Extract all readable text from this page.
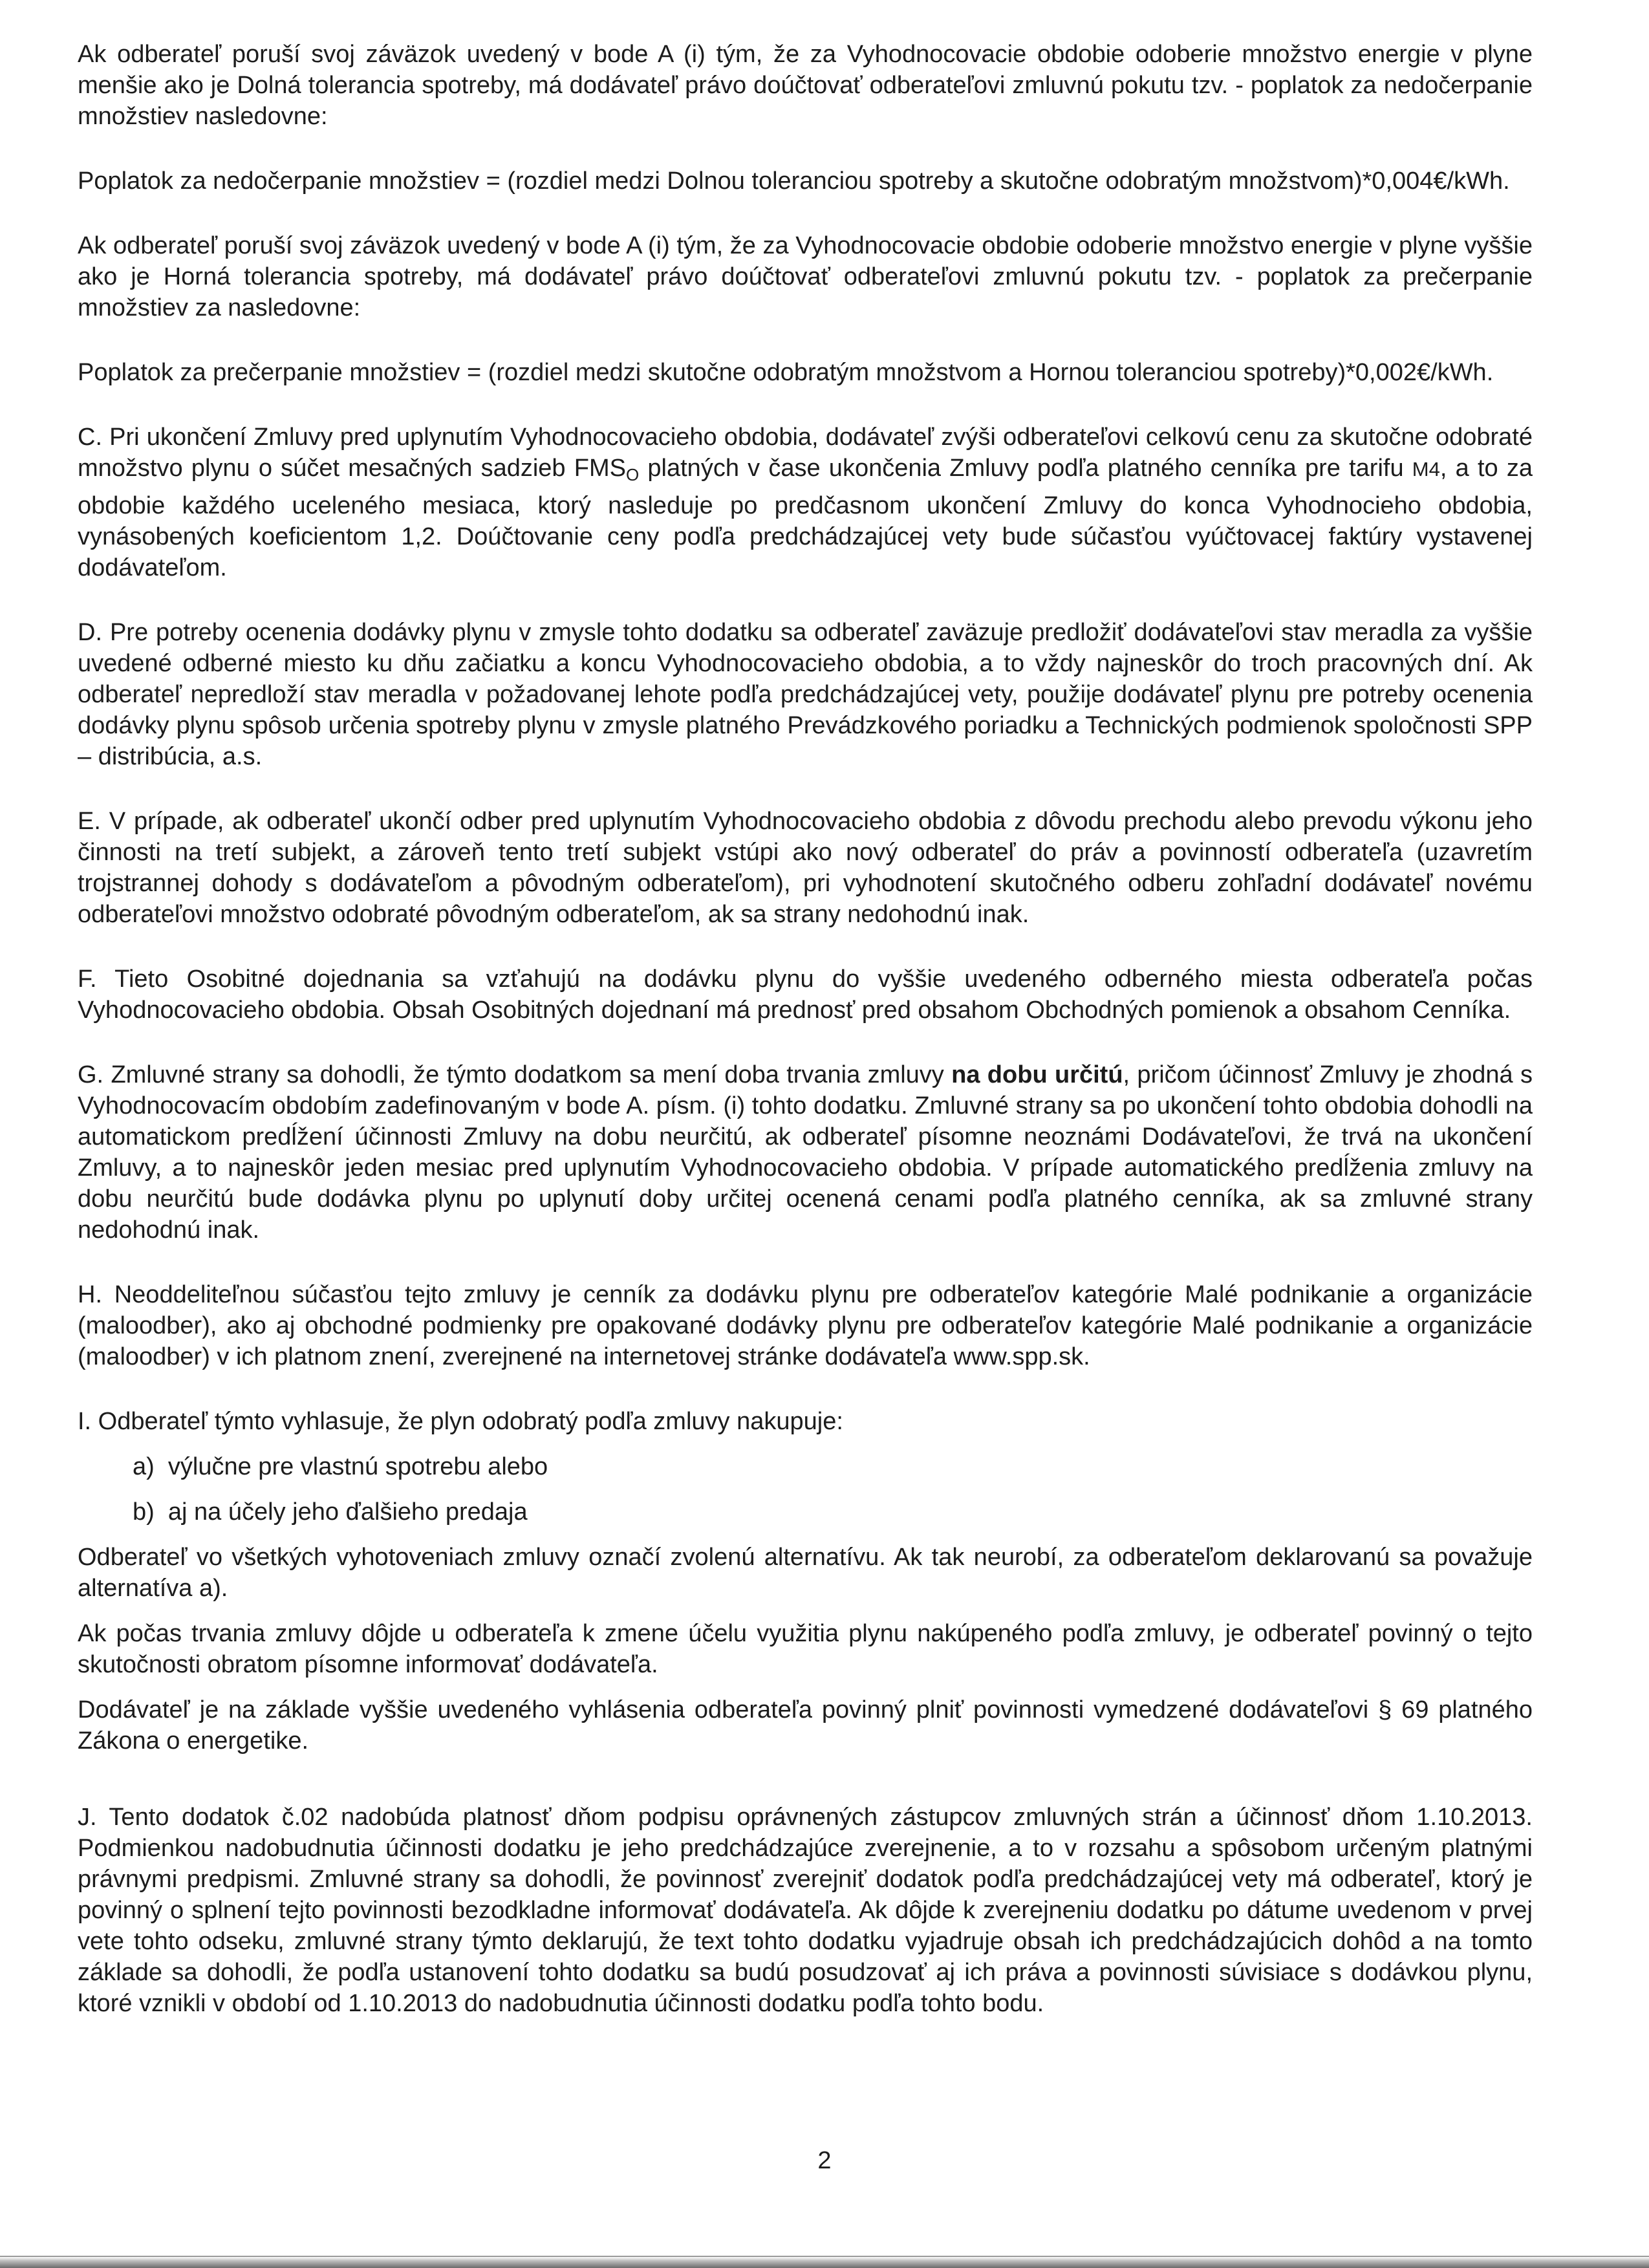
Ak odberateľ poruší svoj záväzok uvedený v bode A (i) tým, že za Vyhodnocovacie obdobie odoberie množstvo energie v plyne menšie ako je Dolná tolerancia spotreby, má dodávateľ právo doúčtovať odberateľovi zmluvnú pokutu tzv. - poplatok za nedočerpanie množstiev nasledovne:

Poplatok za nedočerpanie množstiev = (rozdiel medzi Dolnou toleranciou spotreby a skutočne odobratým množstvom)*0,004€/kWh.

Ak odberateľ poruší svoj záväzok uvedený v bode A (i) tým, že za Vyhodnocovacie obdobie odoberie množstvo energie v plyne vyššie ako je Horná tolerancia spotreby, má dodávateľ právo doúčtovať odberateľovi zmluvnú pokutu tzv. - poplatok za prečerpanie množstiev za nasledovne:

Poplatok za prečerpanie množstiev = (rozdiel medzi skutočne odobratým množstvom a Hornou toleranciou spotreby)*0,002€/kWh.

C. Pri ukončení Zmluvy pred uplynutím Vyhodnocovacieho obdobia, dodávateľ zvýši odberateľovi celkovú cenu za skutočne odobraté množstvo plynu o súčet mesačných sadzieb $FMS_O$ platných v čase ukončenia Zmluvy podľa platného cenníka pre tarifu M4, a to za obdobie každého uceleného mesiaca, ktorý nasleduje po predčasnom ukončení Zmluvy do konca Vyhodnocieho obdobia, vynásobených koeficientom 1,2. Doúčtovanie ceny podľa predchádzajúcej vety bude súčasťou vyúčtovacej faktúry vystavenej dodávateľom.

D. Pre potreby ocenenia dodávky plynu v zmysle tohto dodatku sa odberateľ zaväzuje predložiť dodávateľovi stav meradla za vyššie uvedené odberné miesto ku dňu začiatku a koncu Vyhodnocovacieho obdobia, a to vždy najneskôr do troch pracovných dní. Ak odberateľ nepredloží stav meradla v požadovanej lehote podľa predchádzajúcej vety, použije dodávateľ plynu pre potreby ocenenia dodávky plynu spôsob určenia spotreby plynu v zmysle platného Prevádzkového poriadku a Technických podmienok spoločnosti SPP – distribúcia, a.s.

E. V prípade, ak odberateľ ukončí odber pred uplynutím Vyhodnocovacieho obdobia z dôvodu prechodu alebo prevodu výkonu jeho činnosti na tretí subjekt, a zároveň tento tretí subjekt vstúpi ako nový odberateľ do práv a povinností odberateľa (uzavretím trojstrannej dohody s dodávateľom a pôvodným odberateľom), pri vyhodnotení skutočného odberu zohľadní dodávateľ novému odberateľovi množstvo odobraté pôvodným odberateľom, ak sa strany nedohodnú inak.

F. Tieto Osobitné dojednania sa vzťahujú na dodávku plynu do vyššie uvedeného odberného miesta odberateľa počas Vyhodnocovacieho obdobia. Obsah Osobitných dojednaní má prednosť pred obsahom Obchodných pomienok a obsahom Cenníka.

G. Zmluvné strany sa dohodli, že týmto dodatkom sa mení doba trvania zmluvy na dobu určitú, pričom účinnosť Zmluvy je zhodná s Vyhodnocovacím obdobím zadefinovaným v bode A. písm. (i) tohto dodatku. Zmluvné strany sa po ukončení tohto obdobia dohodli na automatickom predĺžení účinnosti Zmluvy na dobu neurčitú, ak odberateľ písomne neoznámi Dodávateľovi, že trvá na ukončení Zmluvy, a to najneskôr jeden mesiac pred uplynutím Vyhodnocovacieho obdobia. V prípade automatického predĺženia zmluvy na dobu neurčitú bude dodávka plynu po uplynutí doby určitej ocenená cenami podľa platného cenníka, ak sa zmluvné strany nedohodnú inak.

H. Neoddeliteľnou súčasťou tejto zmluvy je cenník za dodávku plynu pre odberateľov kategórie Malé podnikanie a organizácie (maloodber), ako aj obchodné podmienky pre opakované dodávky plynu pre odberateľov kategórie Malé podnikanie a organizácie (maloodber) v ich platnom znení, zverejnené na internetovej stránke dodávateľa www.spp.sk.

I. Odberateľ týmto vyhlasuje, že plyn odobratý podľa zmluvy nakupuje:

a)  výlučne pre vlastnú spotrebu alebo

b)  aj na účely jeho ďalšieho predaja

Odberateľ vo všetkých vyhotoveniach zmluvy označí zvolenú alternatívu. Ak tak neurobí, za odberateľom deklarovanú sa považuje alternatíva a).

Ak počas trvania zmluvy dôjde u odberateľa k zmene účelu využitia plynu nakúpeného podľa zmluvy, je odberateľ povinný o tejto skutočnosti obratom písomne informovať dodávateľa.

Dodávateľ je na základe vyššie uvedeného vyhlásenia odberateľa povinný plniť povinnosti vymedzené dodávateľovi § 69 platného Zákona o energetike.

J. Tento dodatok č.02 nadobúda platnosť dňom podpisu oprávnených zástupcov zmluvných strán a účinnosť dňom 1.10.2013. Podmienkou nadobudnutia účinnosti dodatku je jeho predchádzajúce zverejnenie, a to v rozsahu a spôsobom určeným platnými právnymi predpismi. Zmluvné strany sa dohodli, že povinnosť zverejniť dodatok podľa predchádzajúcej vety má odberateľ, ktorý je povinný o splnení tejto povinnosti bezodkladne informovať dodávateľa. Ak dôjde k zverejneniu dodatku po dátume uvedenom v prvej vete tohto odseku, zmluvné strany týmto deklarujú, že text tohto dodatku vyjadruje obsah ich predchádzajúcich dohôd a na tomto základe sa dohodli, že podľa ustanovení tohto dodatku sa budú posudzovať aj ich práva a povinnosti súvisiace s dodávkou plynu, ktoré vznikli v období od 1.10.2013 do nadobudnutia účinnosti dodatku podľa tohto bodu.

2
